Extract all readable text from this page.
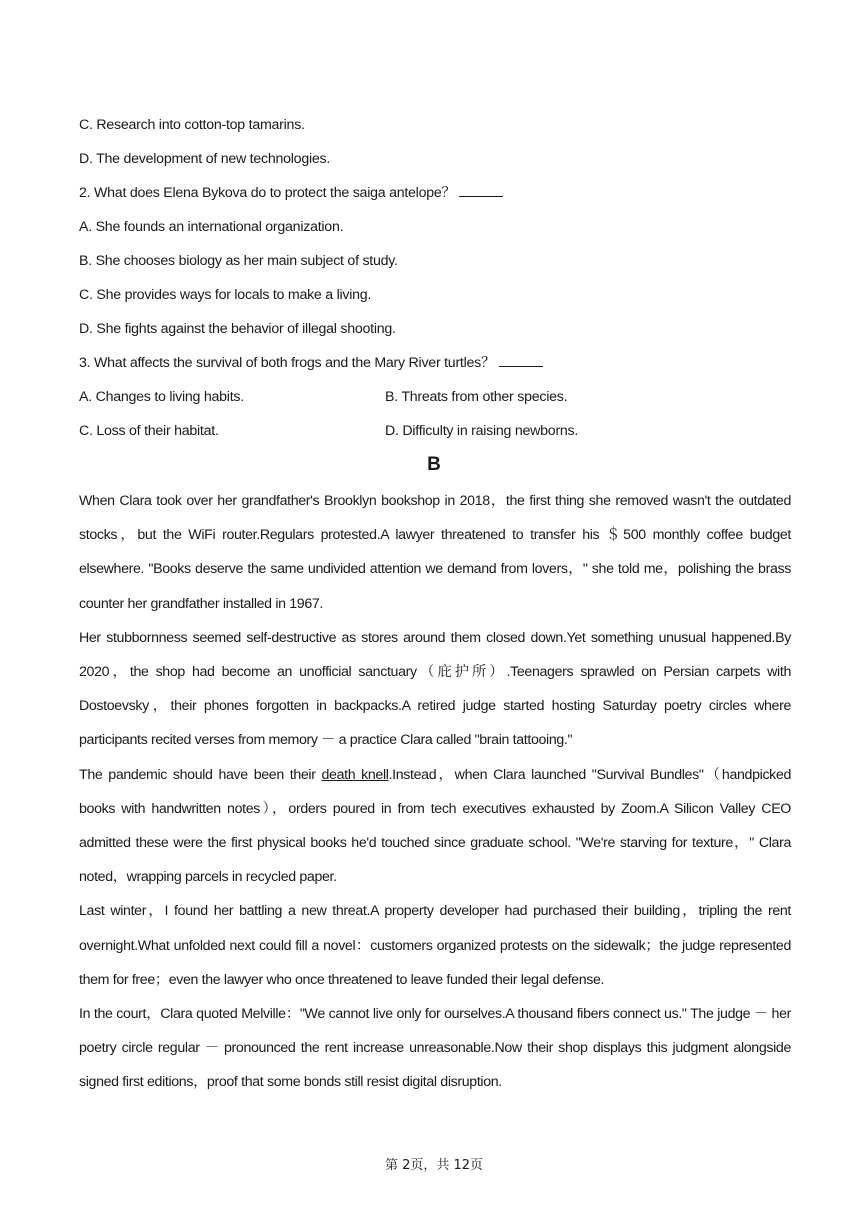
C. Research into cotton-top tamarins.
D. The development of new technologies.
2. What does Elena Bykova do to protect the saiga antelope？
A. She founds an international organization.
B. She chooses biology as her main subject of study.
C. She provides ways for locals to make a living.
D. She fights against the behavior of illegal shooting.
3. What affects the survival of both frogs and the Mary River turtles？
A. Changes to living habits.	B. Threats from other species.
C. Loss of their habitat.	D. Difficulty in raising newborns.
B
When Clara took over her grandfather's Brooklyn bookshop in 2018，the first thing she removed wasn't the outdated stocks，but the WiFi router.Regulars protested.A lawyer threatened to transfer his ＄500 monthly coffee budget elsewhere. "Books deserve the same undivided attention we demand from lovers，" she told me，polishing the brass counter her grandfather installed in 1967.
Her stubbornness seemed self-destructive as stores around them closed down.Yet something unusual happened.By 2020，the shop had become an unofficial sanctuary（庇护所）.Teenagers sprawled on Persian carpets with Dostoevsky，their phones forgotten in backpacks.A retired judge started hosting Saturday poetry circles where participants recited verses from memory － a practice Clara called "brain tattooing."
The pandemic should have been their death knell.Instead，when Clara launched "Survival Bundles"（handpicked books with handwritten notes），orders poured in from tech executives exhausted by Zoom.A Silicon Valley CEO admitted these were the first physical books he'd touched since graduate school. "We're starving for texture，" Clara noted，wrapping parcels in recycled paper.
Last winter，I found her battling a new threat.A property developer had purchased their building，tripling the rent overnight.What unfolded next could fill a novel：customers organized protests on the sidewalk；the judge represented them for free；even the lawyer who once threatened to leave funded their legal defense.
In the court，Clara quoted Melville："We cannot live only for ourselves.A thousand fibers connect us." The judge － her poetry circle regular － pronounced the rent increase unreasonable.Now their shop displays this judgment alongside signed first editions，proof that some bonds still resist digital disruption.
第 2页，共 12页
